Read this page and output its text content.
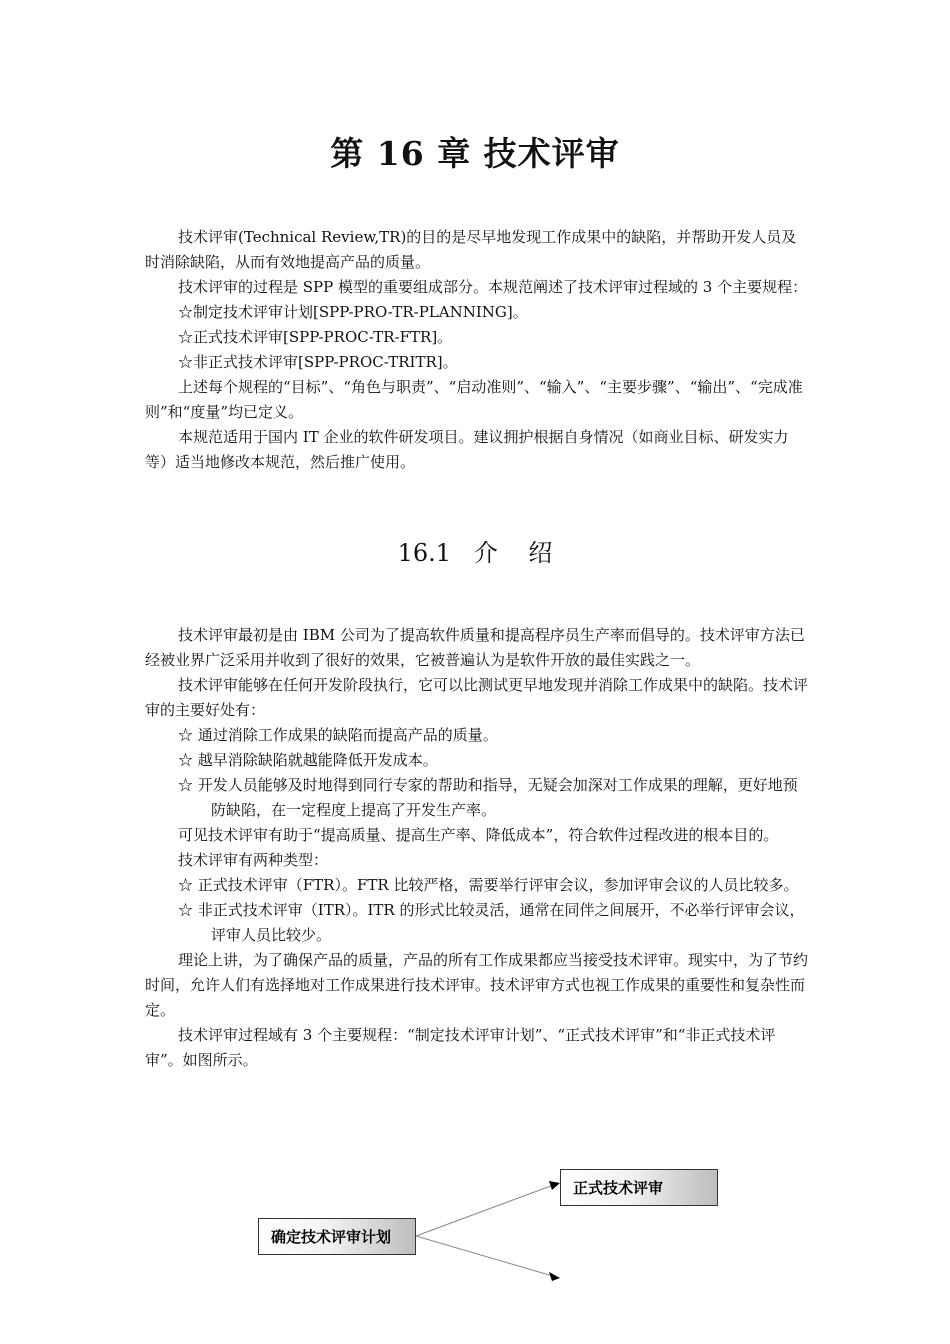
第 16 章 技术评审

技术评审(Technical Review,TR)的目的是尽早地发现工作成果中的缺陷，并帮助开发人员及时消除缺陷，从而有效地提高产品的质量。

技术评审的过程是 SPP 模型的重要组成部分。本规范阐述了技术评审过程域的 3 个主要规程：

☆制定技术评审计划[SPP-PRO-TR-PLANNING]。

☆正式技术评审[SPP-PROC-TR-FTR]。

☆非正式技术评审[SPP-PROC-TRITR]。

上述每个规程的“目标”、“角色与职责”、“启动准则”、“输入”、“主要步骤”、“输出”、“完成准则”和“度量”均已定义。

本规范适用于国内 IT 企业的软件研发项目。建议拥护根据自身情况（如商业目标、研发实力等）适当地修改本规范，然后推广使用。

16.1   介    绍

技术评审最初是由 IBM 公司为了提高软件质量和提高程序员生产率而倡导的。技术评审方法已经被业界广泛采用并收到了很好的效果，它被普遍认为是软件开放的最佳实践之一。

技术评审能够在任何开发阶段执行，它可以比测试更早地发现并消除工作成果中的缺陷。技术评审的主要好处有：

☆ 通过消除工作成果的缺陷而提高产品的质量。

☆ 越早消除缺陷就越能降低开发成本。

☆ 开发人员能够及时地得到同行专家的帮助和指导，无疑会加深对工作成果的理解，更好地预防缺陷，在一定程度上提高了开发生产率。

可见技术评审有助于“提高质量、提高生产率、降低成本”，符合软件过程改进的根本目的。

技术评审有两种类型：

☆ 正式技术评审（FTR）。FTR 比较严格，需要举行评审会议，参加评审会议的人员比较多。

☆ 非正式技术评审（ITR）。ITR 的形式比较灵活，通常在同伴之间展开，不必举行评审会议，评审人员比较少。

理论上讲，为了确保产品的质量，产品的所有工作成果都应当接受技术评审。现实中，为了节约时间，允许人们有选择地对工作成果进行技术评审。技术评审方式也视工作成果的重要性和复杂性而定。

技术评审过程域有 3 个主要规程：“制定技术评审计划”、“正式技术评审”和“非正式技术评审”。如图所示。

确定技术评审计划
正式技术评审
